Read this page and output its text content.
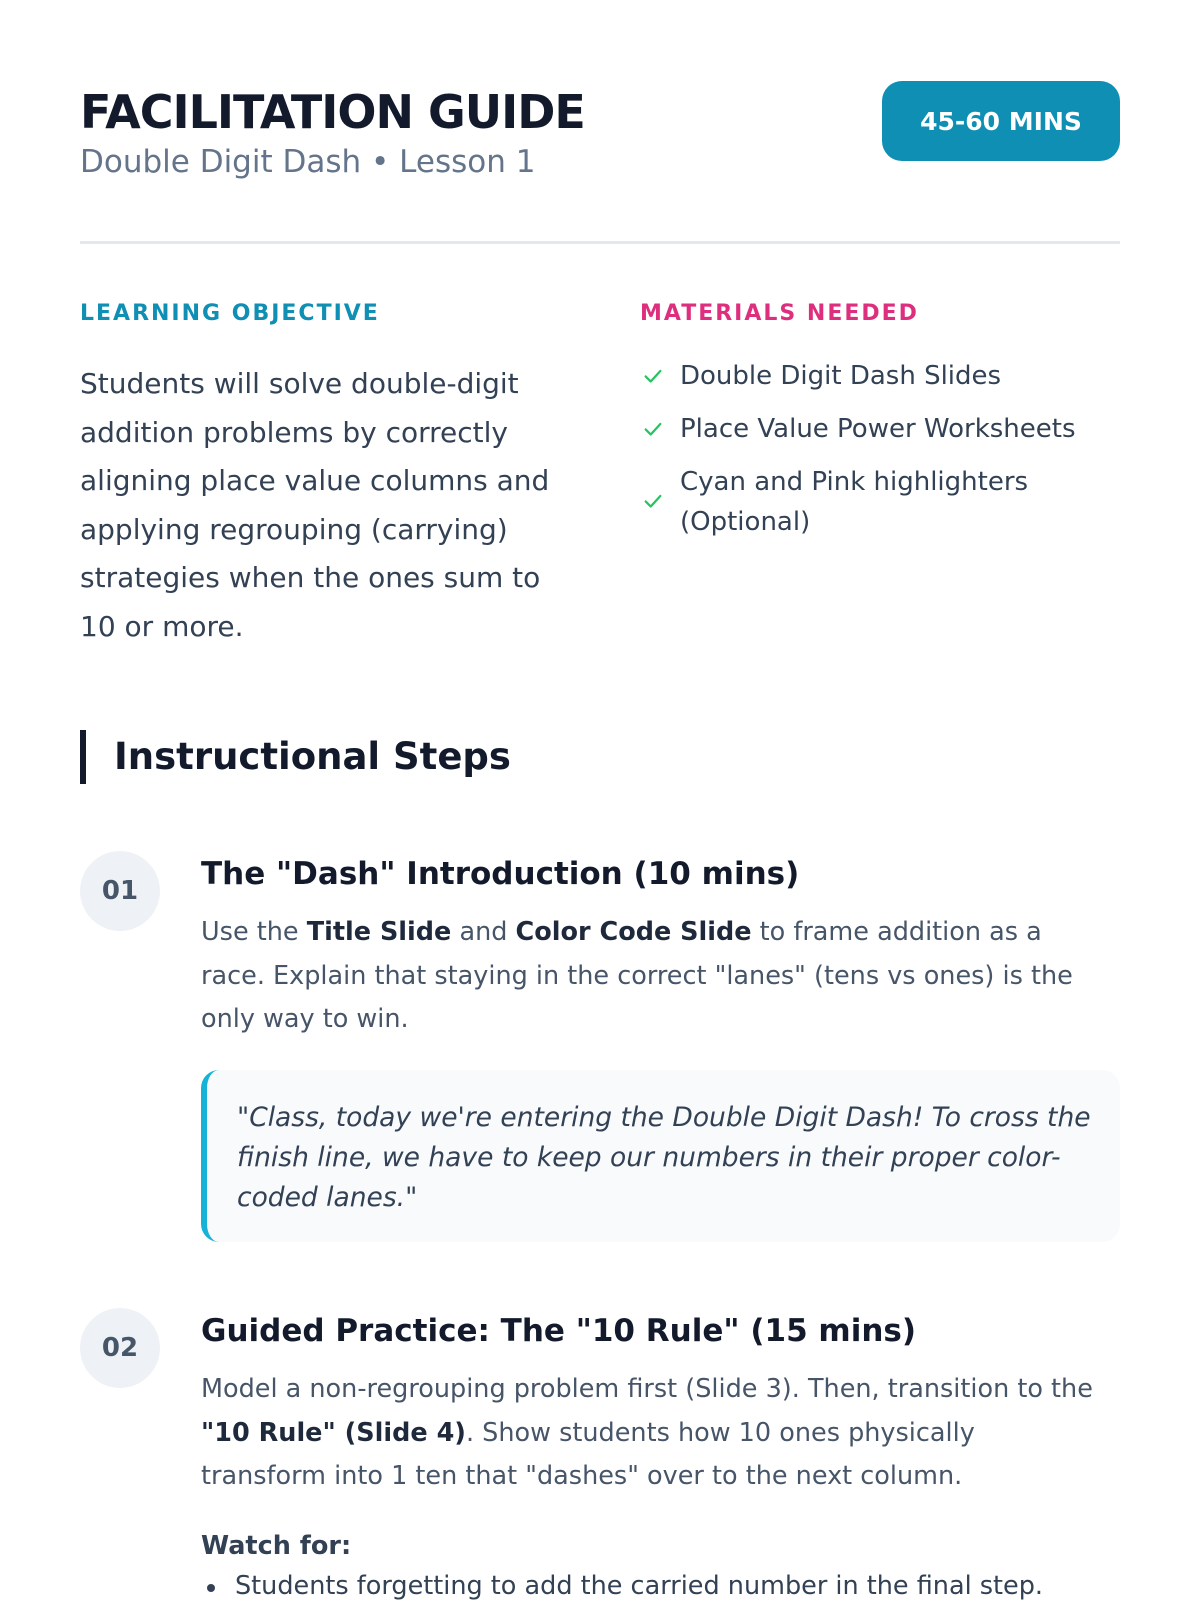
FACILITATION GUIDE
Double Digit Dash • Lesson 1
45-60 MINS
LEARNING OBJECTIVE
Students will solve double-digit addition problems by correctly aligning place value columns and applying regrouping (carrying) strategies when the ones sum to 10 or more.
MATERIALS NEEDED
Double Digit Dash Slides
Place Value Power Worksheets
Cyan and Pink highlighters (Optional)
Instructional Steps
01	The "Dash" Introduction (10 mins)
Use the Title Slide and Color Code Slide to frame addition as a race. Explain that staying in the correct "lanes" (tens vs ones) is the only way to win.
"Class, today we're entering the Double Digit Dash! To cross the finish line, we have to keep our numbers in their proper color-coded lanes."
02	Guided Practice: The "10 Rule" (15 mins)
Model a non-regrouping problem first (Slide 3). Then, transition to the "10 Rule" (Slide 4). Show students how 10 ones physically transform into 1 ten that "dashes" over to the next column.
Watch for:
Students forgetting to add the carried number in the final step.
